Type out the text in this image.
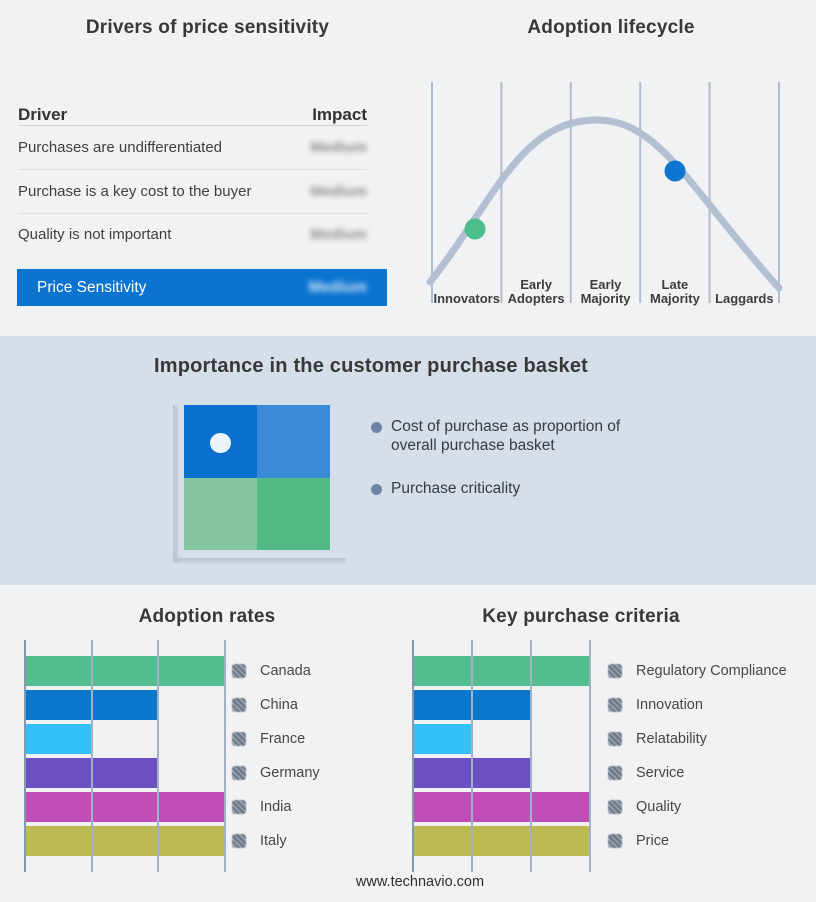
Drivers of price sensitivity
Driver	Impact
Purchases are undifferentiated	Medium
Purchase is a key cost to the buyer	Medium
Quality is not important	Medium
Price Sensitivity	Medium
Adoption lifecycle
Innovators
Early
Adopters
Early
Majority
Late
Majority Laggards
Importance in the customer purchase basket
Cost of purchase as proportion of overall purchase basket
Purchase criticality
Adoption rates
Canada
China
France
Germany
India
Italy
Key purchase criteria
Regulatory Compliance
Innovation
Relatability
Service
Quality
Price
www.technavio.com
